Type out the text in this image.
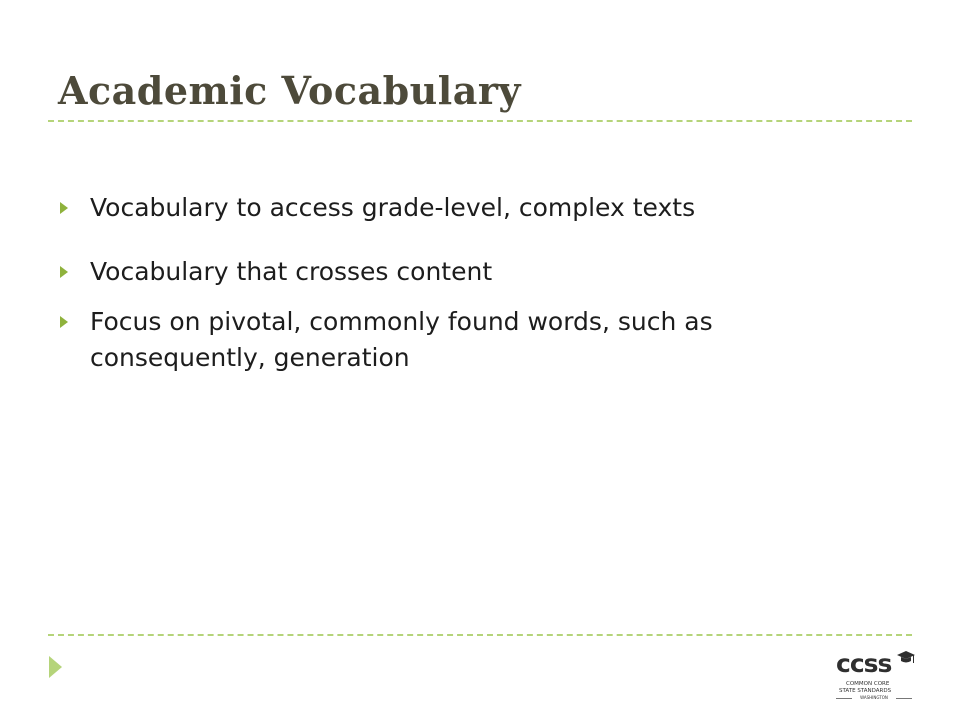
Academic Vocabulary
Vocabulary to access grade-level, complex texts
Vocabulary that crosses content
Focus on pivotal, commonly found words, such as consequently, generation
ccss
COMMON CORE
STATE STANDARDS
WASHINGTON
